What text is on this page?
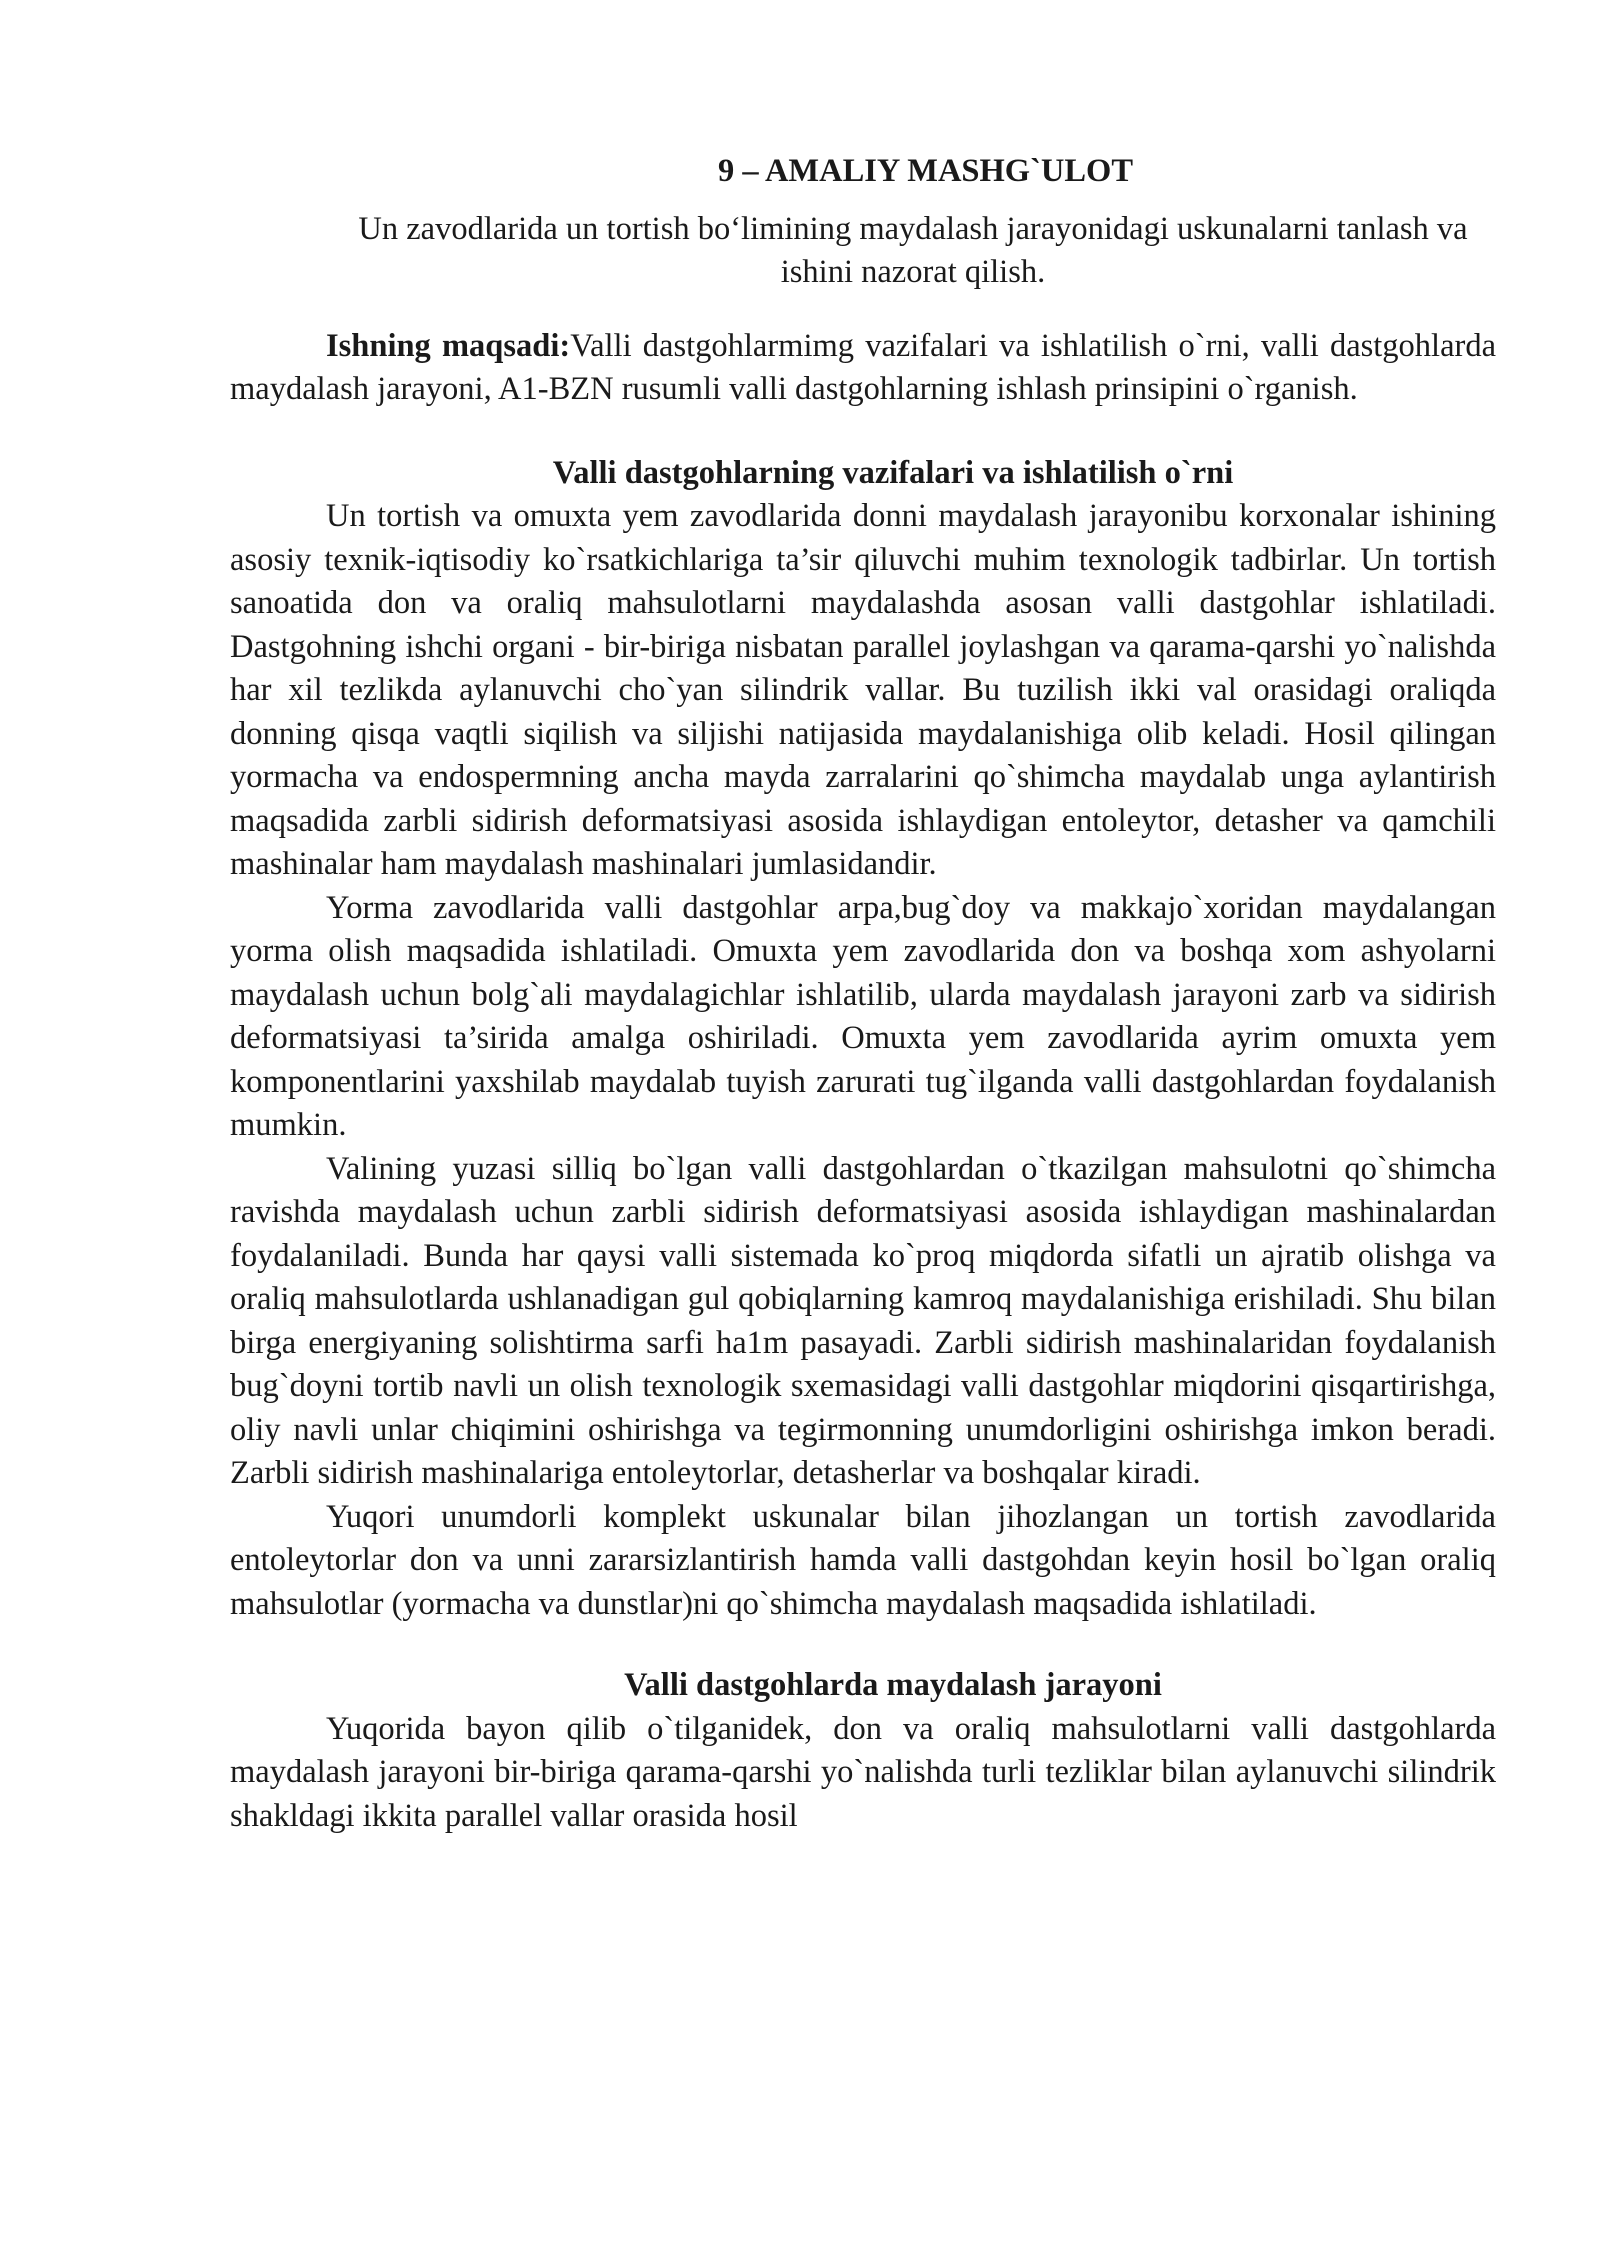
9 – AMALIY MASHG`ULOT

Un zavodlarida un tortish bo‘limining maydalash jarayonidagi uskunalarni tanlash va ishini nazorat qilish.

Ishning maqsadi:Valli dastgohlarmimg vazifalari va ishlatilish o`rni, valli dastgohlarda maydalash jarayoni, A1-BZN rusumli valli dastgohlarning ishlash prinsipini o`rganish.

Valli dastgohlarning vazifalari va ishlatilish o`rni

Un tortish va omuxta yem zavodlarida donni maydalash jarayonibu korxonalar ishining asosiy texnik-iqtisodiy ko`rsatkichlariga ta’sir qiluvchi muhim texnologik tadbirlar. Un tortish sanoatida don va oraliq mahsulotlarni maydalashda asosan valli dastgohlar ishlatiladi. Dastgohning ishchi organi - bir-biriga nisbatan parallel joylashgan va qarama-qarshi yo`nalishda har xil tezlikda aylanuvchi cho`yan silindrik vallar. Bu tuzilish ikki val orasidagi oraliqda donning qisqa vaqtli siqilish va siljishi natijasida maydalanishiga olib keladi. Hosil qilingan yormacha va endospermning ancha mayda zarralarini qo`shimcha maydalab unga aylantirish maqsadida zarbli sidirish deformatsiyasi asosida ishlaydigan entoleytor, detasher va qamchili mashinalar ham maydalash mashinalari jumlasidandir.

Yorma zavodlarida valli dastgohlar arpa,bug`doy va makkajo`xoridan maydalangan yorma olish maqsadida ishlatiladi. Omuxta yem zavodlarida don va boshqa xom ashyolarni maydalash uchun bolg`ali maydalagichlar ishlatilib, ularda maydalash jarayoni zarb va sidirish deformatsiyasi ta’sirida amalga oshiriladi. Omuxta yem zavodlarida ayrim omuxta yem komponentlarini yaxshilab maydalab tuyish zarurati tug`ilganda valli dastgohlardan foydalanish mumkin.

Valining yuzasi silliq bo`lgan valli dastgohlardan o`tkazilgan mahsulotni qo`shimcha ravishda maydalash uchun zarbli sidirish deformatsiyasi asosida ishlaydigan mashinalardan foydalaniladi. Bunda har qaysi valli sistemada ko`proq miqdorda sifatli un ajratib olishga va oraliq mahsulotlarda ushlanadigan gul qobiqlarning kamroq maydalanishiga erishiladi. Shu bilan birga energiyaning solishtirma sarfi ha1m pasayadi. Zarbli sidirish mashinalaridan foydalanish bug`doyni tortib navli un olish texnologik sxemasidagi valli dastgohlar miqdorini qisqartirishga, oliy navli unlar chiqimini oshirishga va tegirmonning unumdorligini oshirishga imkon beradi. Zarbli sidirish mashinalariga entoleytorlar, detasherlar va boshqalar kiradi.

Yuqori unumdorli komplekt uskunalar bilan jihozlangan un tortish zavodlarida entoleytorlar don va unni zararsizlantirish hamda valli dastgohdan keyin hosil bo`lgan oraliq mahsulotlar (yormacha va dunstlar)ni qo`shimcha maydalash maqsadida ishlatiladi.

Valli dastgohlarda maydalash jarayoni

Yuqorida bayon qilib o`tilganidek, don va oraliq mahsulotlarni valli dastgohlarda maydalash jarayoni bir-biriga qarama-qarshi yo`nalishda turli tezliklar bilan aylanuvchi silindrik shakldagi ikkita parallel vallar orasida hosil
